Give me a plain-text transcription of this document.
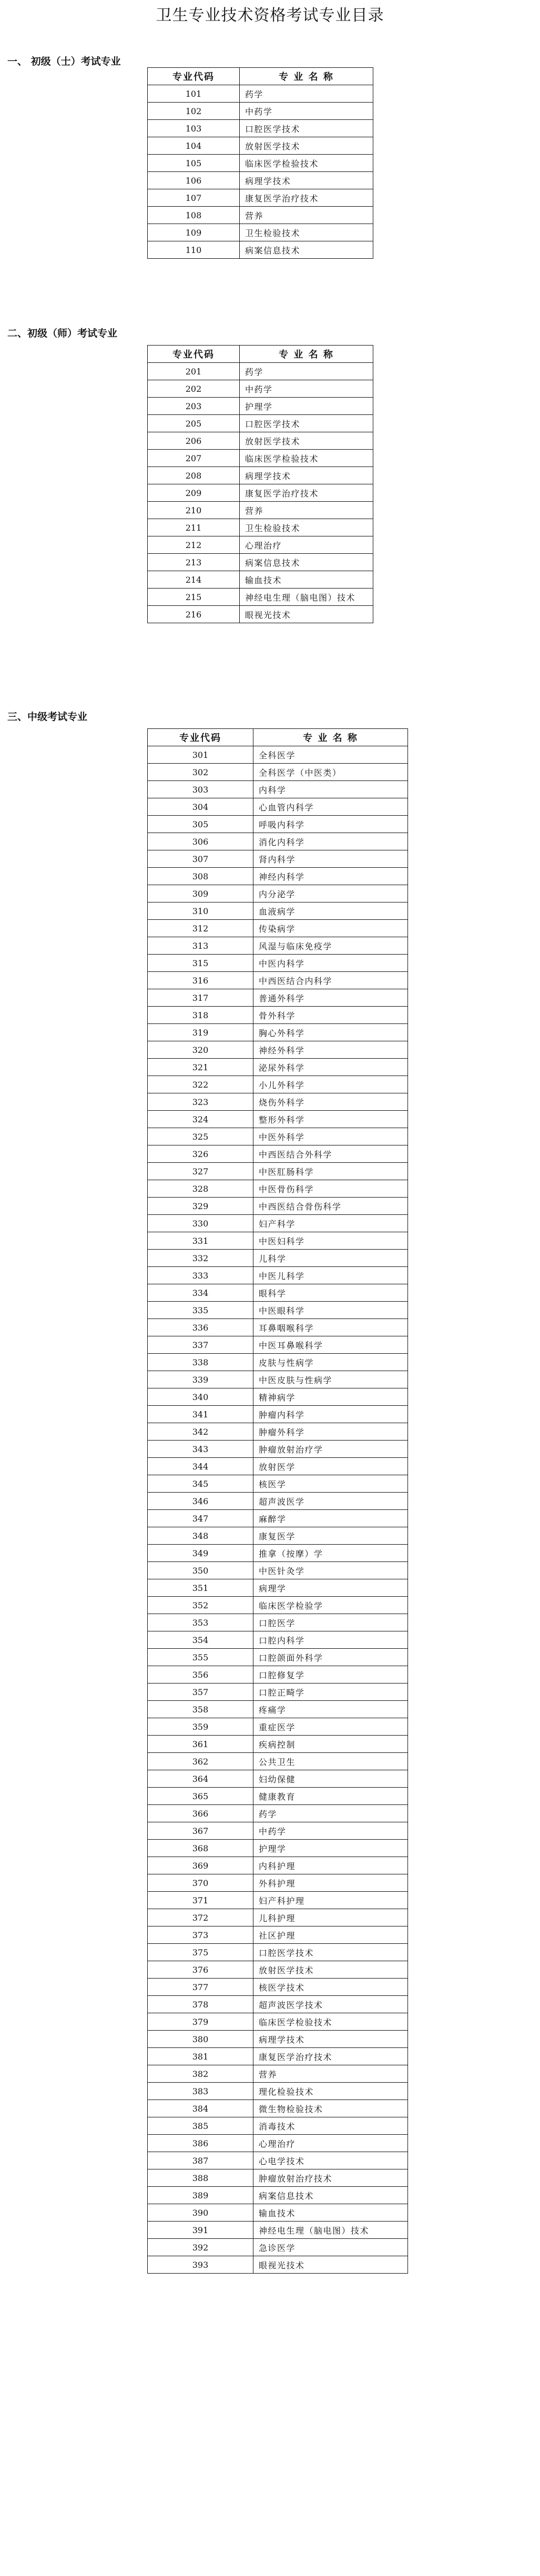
卫生专业技术资格考试专业目录
一、 初级（士）考试专业
专业代码	专 业 名 称
101	药学
102	中药学
103	口腔医学技术
104	放射医学技术
105	临床医学检验技术
106	病理学技术
107	康复医学治疗技术
108	营养
109	卫生检验技术
110	病案信息技术
二、初级（师）考试专业
专业代码	专 业 名 称
201	药学
202	中药学
203	护理学
205	口腔医学技术
206	放射医学技术
207	临床医学检验技术
208	病理学技术
209	康复医学治疗技术
210	营养
211	卫生检验技术
212	心理治疗
213	病案信息技术
214	输血技术
215	神经电生理（脑电图）技术
216	眼视光技术
三、中级考试专业
专业代码	专 业 名 称
301	全科医学
302	全科医学（中医类）
303	内科学
304	心血管内科学
305	呼吸内科学
306	消化内科学
307	肾内科学
308	神经内科学
309	内分泌学
310	血液病学
312	传染病学
313	风湿与临床免疫学
315	中医内科学
316	中西医结合内科学
317	普通外科学
318	骨外科学
319	胸心外科学
320	神经外科学
321	泌尿外科学
322	小儿外科学
323	烧伤外科学
324	整形外科学
325	中医外科学
326	中西医结合外科学
327	中医肛肠科学
328	中医骨伤科学
329	中西医结合骨伤科学
330	妇产科学
331	中医妇科学
332	儿科学
333	中医儿科学
334	眼科学
335	中医眼科学
336	耳鼻咽喉科学
337	中医耳鼻喉科学
338	皮肤与性病学
339	中医皮肤与性病学
340	精神病学
341	肿瘤内科学
342	肿瘤外科学
343	肿瘤放射治疗学
344	放射医学
345	核医学
346	超声波医学
347	麻醉学
348	康复医学
349	推拿（按摩）学
350	中医针灸学
351	病理学
352	临床医学检验学
353	口腔医学
354	口腔内科学
355	口腔颌面外科学
356	口腔修复学
357	口腔正畸学
358	疼痛学
359	重症医学
361	疾病控制
362	公共卫生
364	妇幼保健
365	健康教育
366	药学
367	中药学
368	护理学
369	内科护理
370	外科护理
371	妇产科护理
372	儿科护理
373	社区护理
375	口腔医学技术
376	放射医学技术
377	核医学技术
378	超声波医学技术
379	临床医学检验技术
380	病理学技术
381	康复医学治疗技术
382	营养
383	理化检验技术
384	微生物检验技术
385	消毒技术
386	心理治疗
387	心电学技术
388	肿瘤放射治疗技术
389	病案信息技术
390	输血技术
391	神经电生理（脑电图）技术
392	急诊医学
393	眼视光技术
